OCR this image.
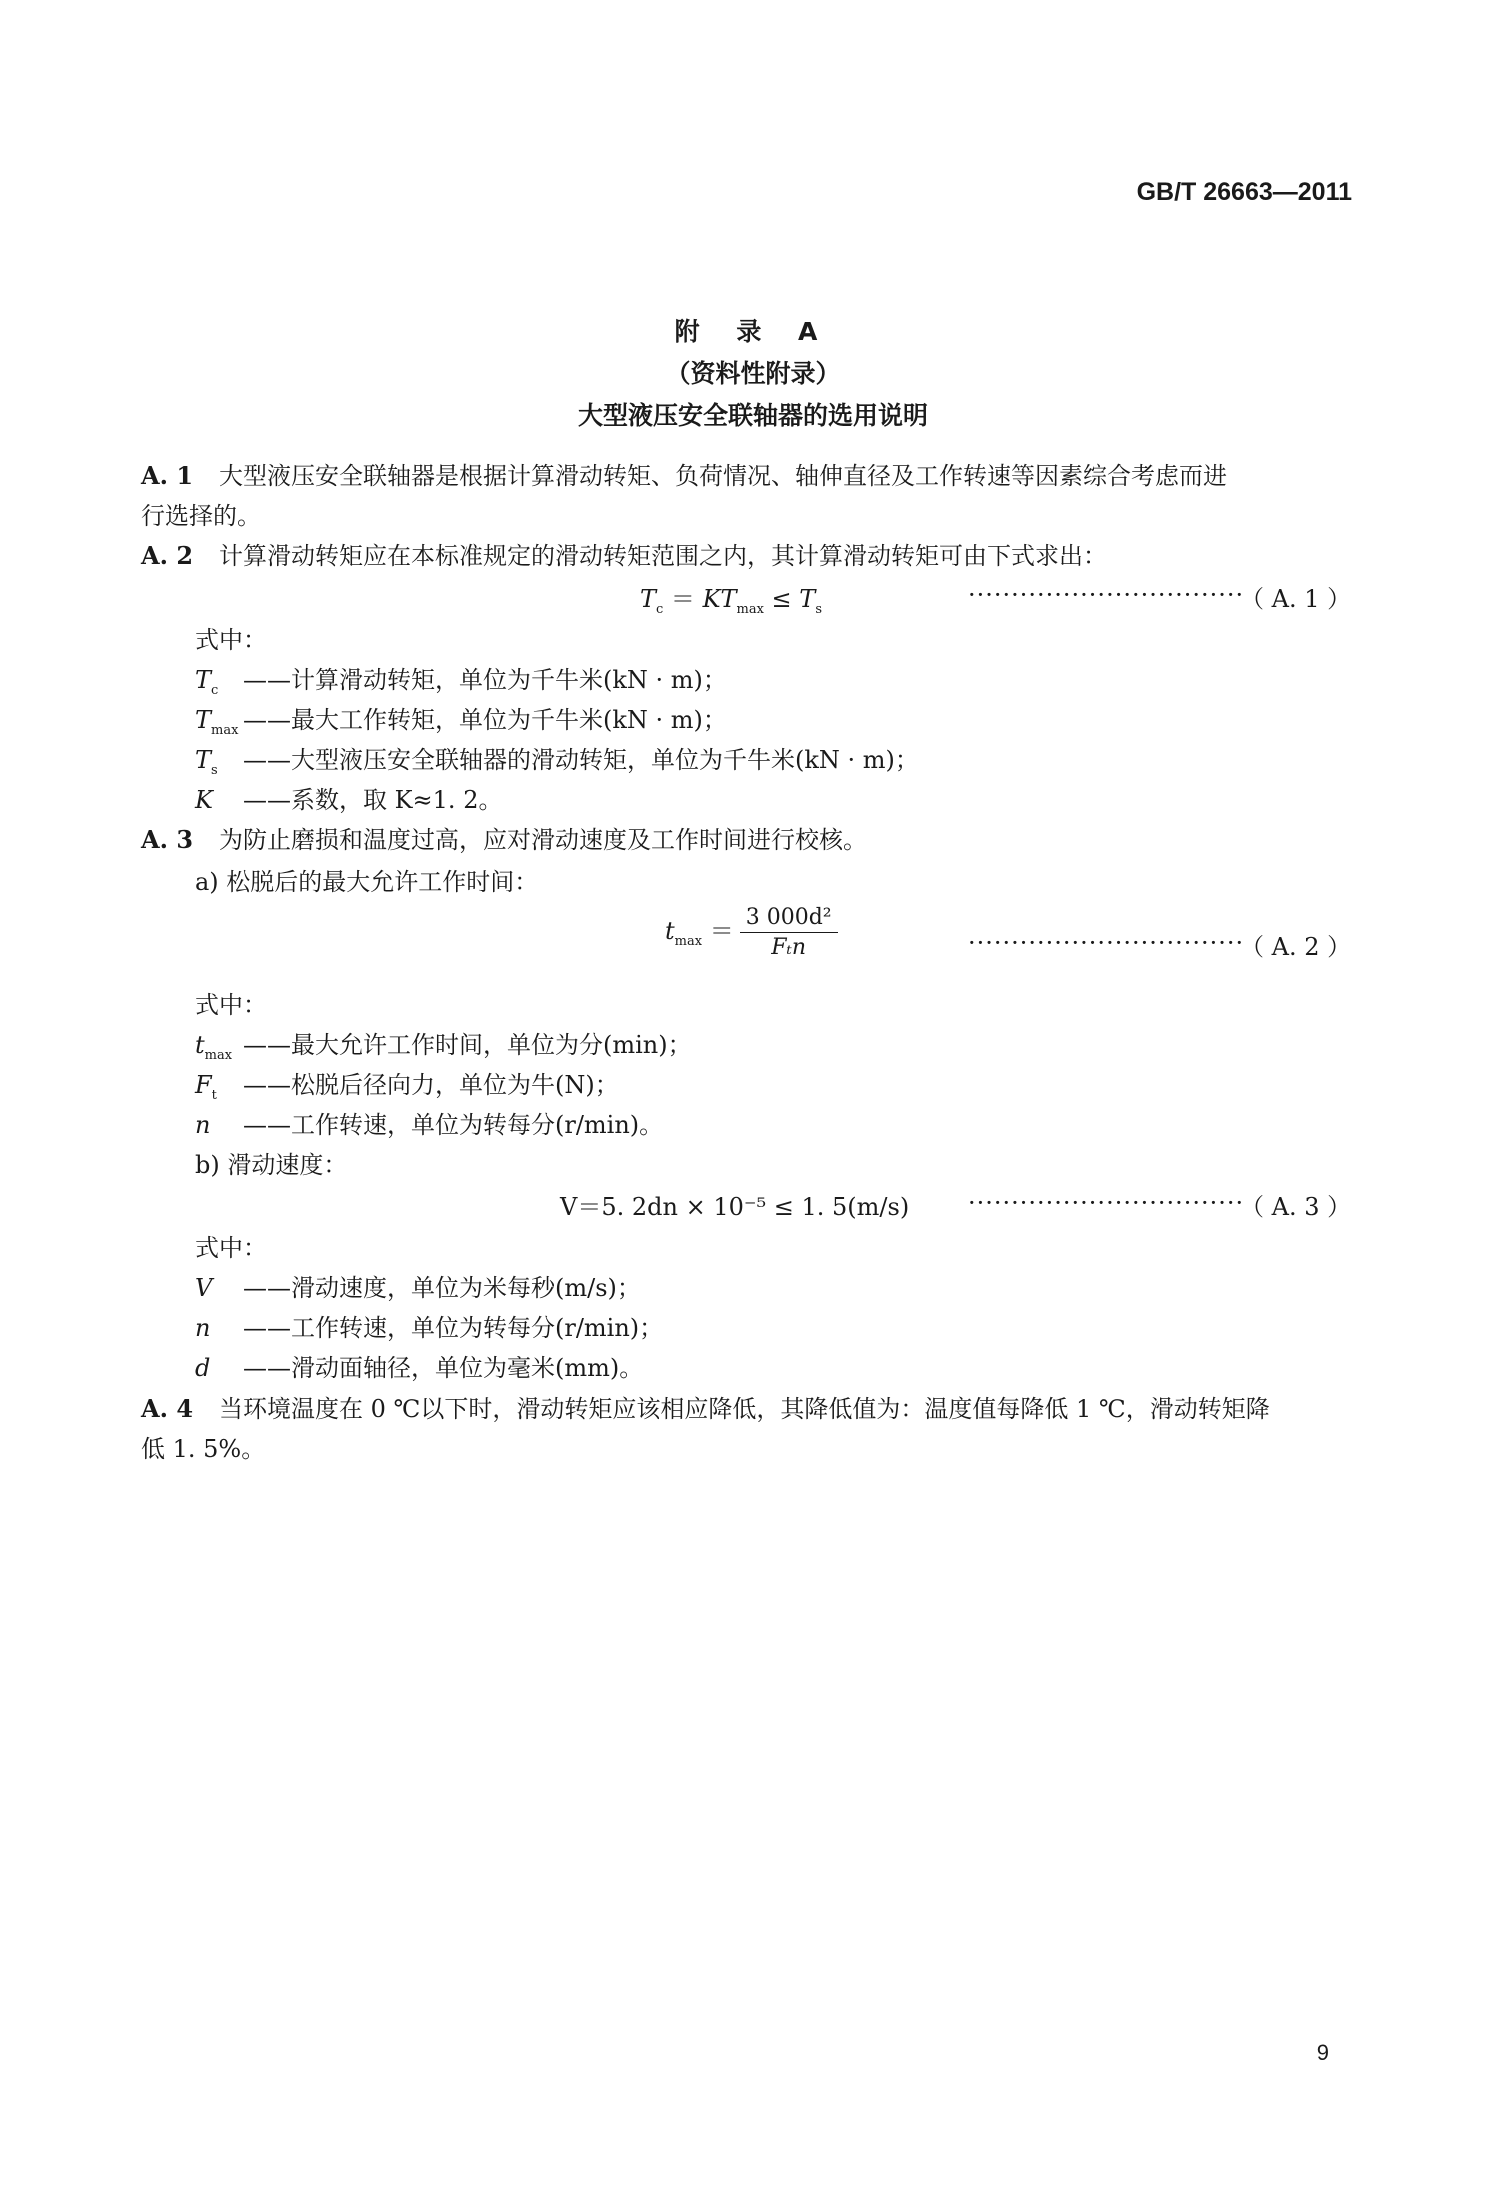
GB/T 26663—2011
附 录 A
（资料性附录）
大型液压安全联轴器的选用说明
A. 1 大型液压安全联轴器是根据计算滑动转矩、负荷情况、轴伸直径及工作转速等因素综合考虑而进
行选择的。
A. 2 计算滑动转矩应在本标准规定的滑动转矩范围之内，其计算滑动转矩可由下式求出：
$T_c = KT_{max} \le T_s$
································
（ A. 1 ）
式中：
$T_c$ ——计算滑动转矩，单位为千牛米(kN · m)；
$T_{max}$ ——最大工作转矩，单位为千牛米(kN · m)；
$T_s$ ——大型液压安全联轴器的滑动转矩，单位为千牛米(kN · m)；
K ——系数，取 K≈1. 2。
A. 3 为防止磨损和温度过高，应对滑动速度及工作时间进行校核。
a) 松脱后的最大允许工作时间：
$t_{max} = \frac{\text{3 000d²}}{\text{Fₜn}}$	································
（ A. 2 ）
式中：
$t_{max}$ ——最大允许工作时间，单位为分(min)；
$F_t$ ——松脱后径向力，单位为牛(N)；
n ——工作转速，单位为转每分(r/min)。
b) 滑动速度：
V＝5. 2dn × 10⁻⁵ ≤ 1. 5(m/s) ································
（ A. 3 ）
式中：
V ——滑动速度，单位为米每秒(m/s)；
n ——工作转速，单位为转每分(r/min)；
d ——滑动面轴径，单位为毫米(mm)。
A. 4 当环境温度在 0 ℃以下时，滑动转矩应该相应降低，其降低值为：温度值每降低 1 ℃，滑动转矩降
低 1. 5%。
9
